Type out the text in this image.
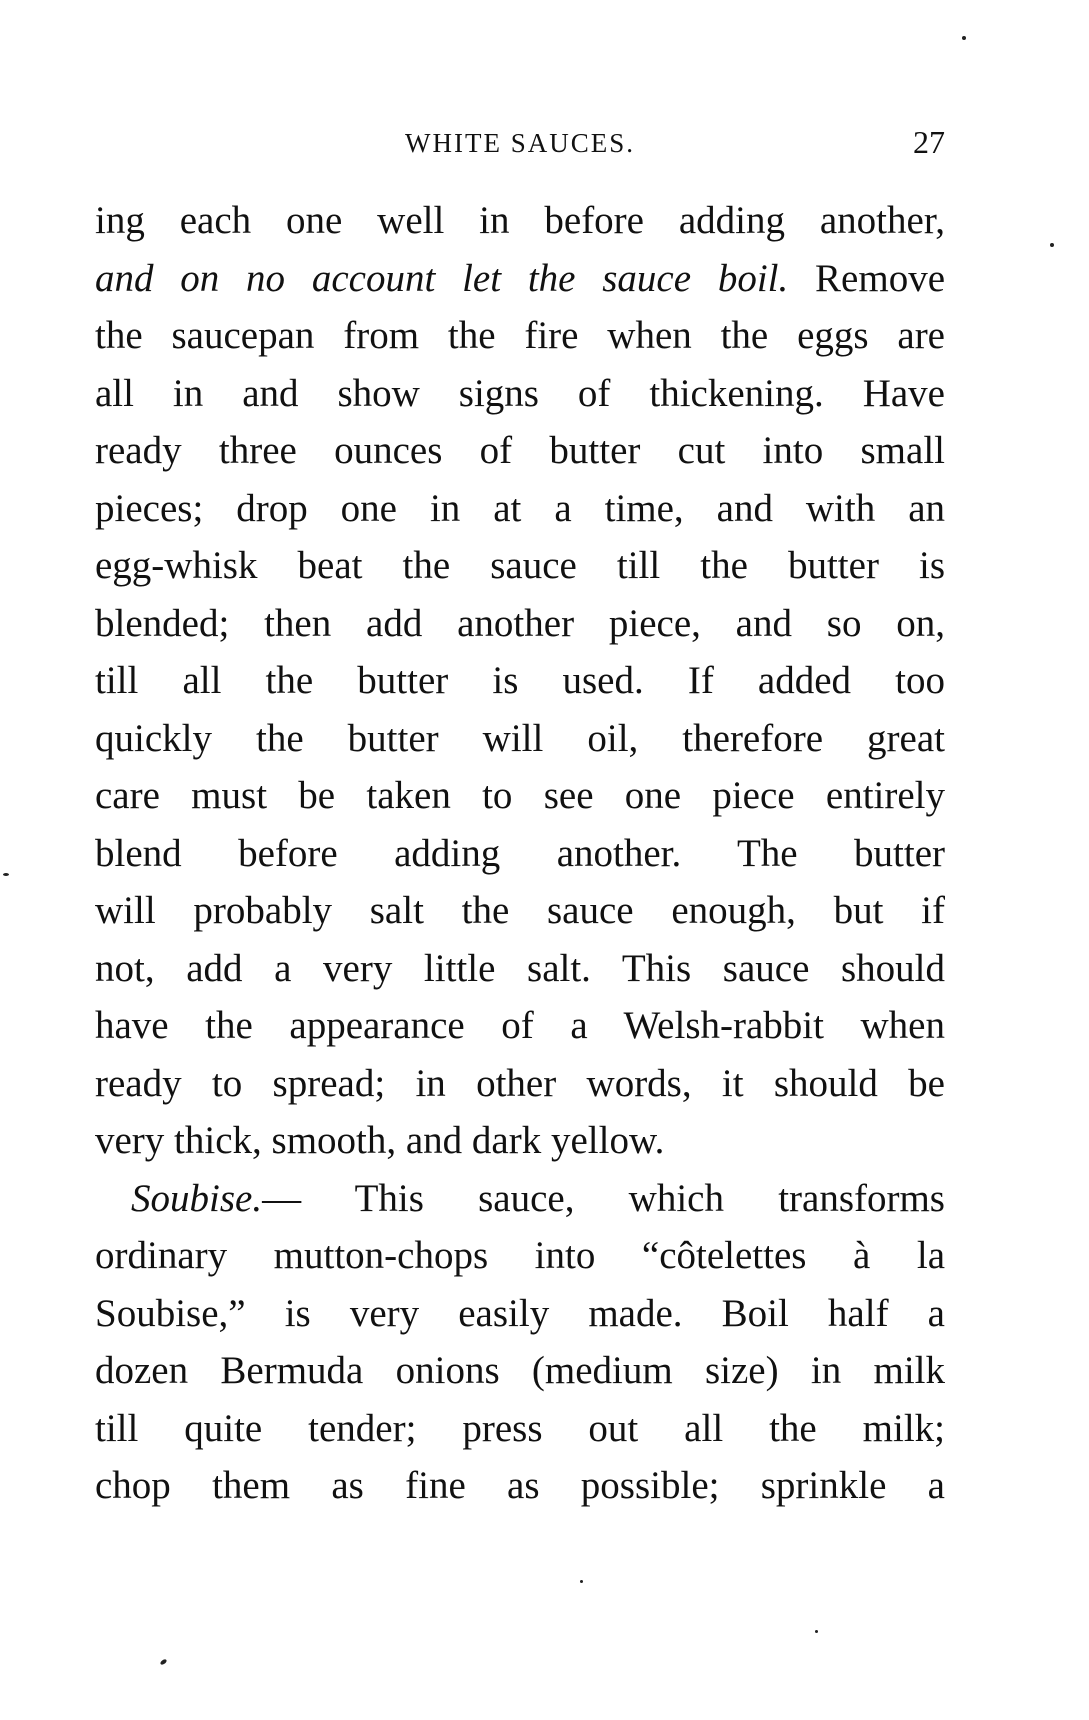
WHITE SAUCES.	27
ing each one well in before adding another,
and on no account let the sauce boil. Remove
the saucepan from the fire when the eggs are
all in and show signs of thickening. Have
ready three ounces of butter cut into small
pieces; drop one in at a time, and with an
egg-whisk beat the sauce till the butter is
blended; then add another piece, and so on,
till all the butter is used. If added too
quickly the butter will oil, therefore great
care must be taken to see one piece entirely
blend before adding another. The butter
will probably salt the sauce enough, but if
not, add a very little salt. This sauce should
have the appearance of a Welsh-rabbit when
ready to spread; in other words, it should be
very thick, smooth, and dark yellow.
Soubise.— This sauce, which transforms
ordinary mutton-chops into “côtelettes à la
Soubise,” is very easily made. Boil half a
dozen Bermuda onions (medium size) in milk
till quite tender; press out all the milk;
chop them as fine as possible; sprinkle a
